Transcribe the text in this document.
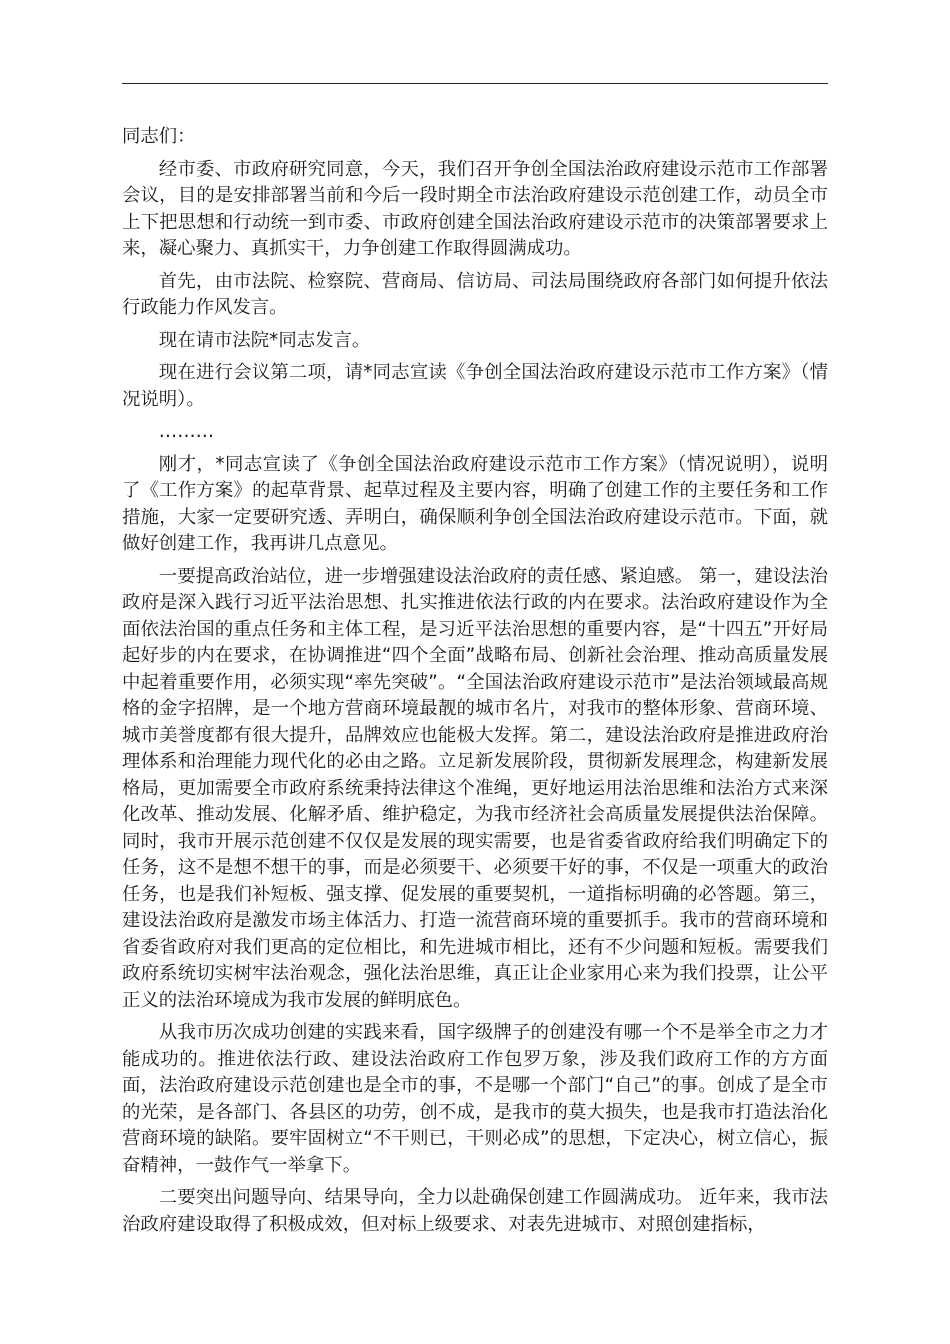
同志们：

经市委、市政府研究同意，今天，我们召开争创全国法治政府建设示范市工作部署会议，目的是安排部署当前和今后一段时期全市法治政府建设示范创建工作，动员全市上下把思想和行动统一到市委、市政府创建全国法治政府建设示范市的决策部署要求上来，凝心聚力、真抓实干，力争创建工作取得圆满成功。

首先，由市法院、检察院、营商局、信访局、司法局围绕政府各部门如何提升依法行政能力作风发言。

现在请市法院*同志发言。

现在进行会议第二项，请*同志宣读《争创全国法治政府建设示范市工作方案》（情况说明）。

………

刚才，*同志宣读了《争创全国法治政府建设示范市工作方案》（情况说明），说明了《工作方案》的起草背景、起草过程及主要内容，明确了创建工作的主要任务和工作措施，大家一定要研究透、弄明白，确保顺利争创全国法治政府建设示范市。下面，就做好创建工作，我再讲几点意见。

一要提高政治站位，进一步增强建设法治政府的责任感、紧迫感。 第一，建设法治政府是深入践行习近平法治思想、扎实推进依法行政的内在要求。法治政府建设作为全面依法治国的重点任务和主体工程，是习近平法治思想的重要内容，是“十四五”开好局起好步的内在要求，在协调推进“四个全面”战略布局、创新社会治理、推动高质量发展中起着重要作用，必须实现“率先突破”。“全国法治政府建设示范市”是法治领域最高规格的金字招牌，是一个地方营商环境最靓的城市名片，对我市的整体形象、营商环境、城市美誉度都有很大提升，品牌效应也能极大发挥。第二，建设法治政府是推进政府治理体系和治理能力现代化的必由之路。立足新发展阶段，贯彻新发展理念，构建新发展格局，更加需要全市政府系统秉持法律这个准绳，更好地运用法治思维和法治方式来深化改革、推动发展、化解矛盾、维护稳定，为我市经济社会高质量发展提供法治保障。同时，我市开展示范创建不仅仅是发展的现实需要，也是省委省政府给我们明确定下的任务，这不是想不想干的事，而是必须要干、必须要干好的事，不仅是一项重大的政治任务，也是我们补短板、强支撑、促发展的重要契机，一道指标明确的必答题。第三，建设法治政府是激发市场主体活力、打造一流营商环境的重要抓手。我市的营商环境和省委省政府对我们更高的定位相比，和先进城市相比，还有不少问题和短板。需要我们政府系统切实树牢法治观念，强化法治思维，真正让企业家用心来为我们投票，让公平正义的法治环境成为我市发展的鲜明底色。

从我市历次成功创建的实践来看，国字级牌子的创建没有哪一个不是举全市之力才能成功的。推进依法行政、建设法治政府工作包罗万象，涉及我们政府工作的方方面面，法治政府建设示范创建也是全市的事，不是哪一个部门“自己”的事。创成了是全市的光荣，是各部门、各县区的功劳，创不成，是我市的莫大损失，也是我市打造法治化营商环境的缺陷。要牢固树立“不干则已，干则必成”的思想，下定决心，树立信心，振奋精神，一鼓作气一举拿下。

二要突出问题导向、结果导向，全力以赴确保创建工作圆满成功。 近年来，我市法治政府建设取得了积极成效，但对标上级要求、对表先进城市、对照创建指标，
